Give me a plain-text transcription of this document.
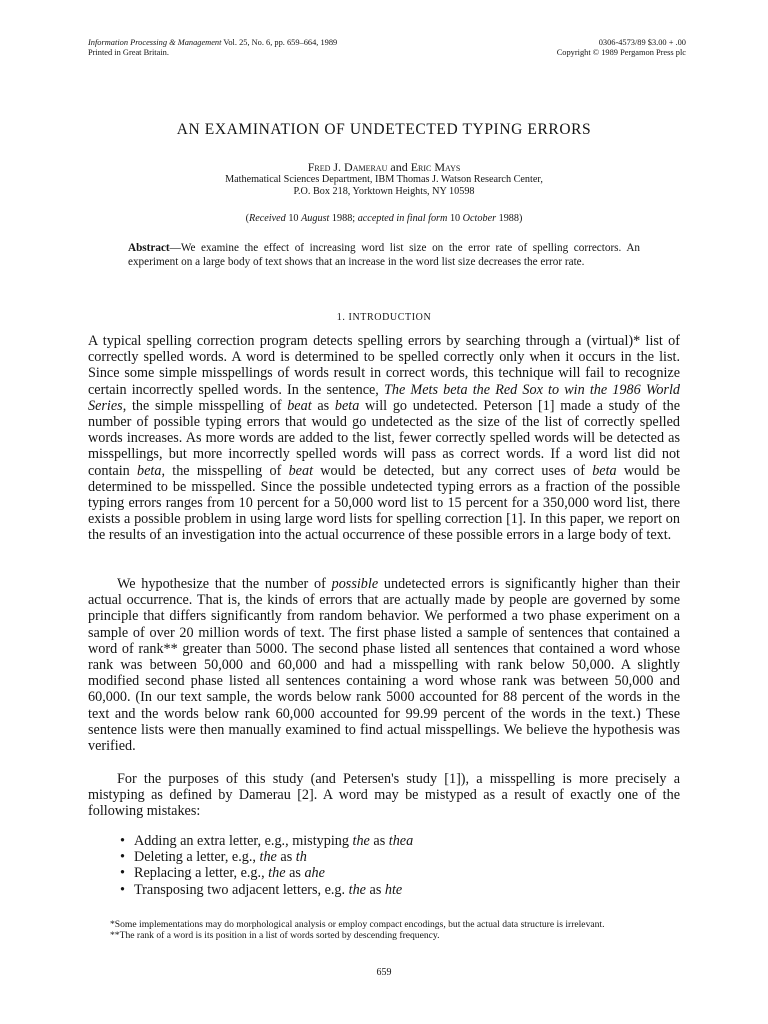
Information Processing & Management Vol. 25, No. 6, pp. 659–664, 1989
Printed in Great Britain.
0306-4573/89 $3.00 + .00
Copyright © 1989 Pergamon Press plc
AN EXAMINATION OF UNDETECTED TYPING ERRORS
Fred J. Damerau and Eric Mays
Mathematical Sciences Department, IBM Thomas J. Watson Research Center,
P.O. Box 218, Yorktown Heights, NY 10598
(Received 10 August 1988; accepted in final form 10 October 1988)
Abstract—We examine the effect of increasing word list size on the error rate of spelling correctors. An experiment on a large body of text shows that an increase in the word list size decreases the error rate.
1. INTRODUCTION

A typical spelling correction program detects spelling errors by searching through a (virtual)* list of correctly spelled words. A word is determined to be spelled correctly only when it occurs in the list. Since some simple misspellings of words result in correct words, this technique will fail to recognize certain incorrectly spelled words. In the sentence, The Mets beta the Red Sox to win the 1986 World Series, the simple misspelling of beat as beta will go undetected. Peterson [1] made a study of the number of possible typing errors that would go undetected as the size of the list of correctly spelled words increases. As more words are added to the list, fewer correctly spelled words will be detected as misspellings, but more incorrectly spelled words will pass as correct words. If a word list did not contain beta, the misspelling of beat would be detected, but any correct uses of beta would be determined to be misspelled. Since the possible undetected typing errors as a fraction of the possible typing errors ranges from 10 percent for a 50,000 word list to 15 percent for a 350,000 word list, there exists a possible problem in using large word lists for spelling correction [1]. In this paper, we report on the results of an investigation into the actual occurrence of these possible errors in a large body of text.

We hypothesize that the number of possible undetected errors is significantly higher than their actual occurrence. That is, the kinds of errors that are actually made by people are governed by some principle that differs significantly from random behavior. We performed a two phase experiment on a sample of over 20 million words of text. The first phase listed a sample of sentences that contained a word of rank** greater than 5000. The second phase listed all sentences that contained a word whose rank was between 50,000 and 60,000 and had a misspelling with rank below 50,000. A slightly modified second phase listed all sentences containing a word whose rank was between 50,000 and 60,000. (In our text sample, the words below rank 5000 accounted for 88 percent of the words in the text and the words below rank 60,000 accounted for 99.99 percent of the words in the text.) These sentence lists were then manually examined to find actual misspellings. We believe the hypothesis was verified.

For the purposes of this study (and Petersen's study [1]), a misspelling is more precisely a mistyping as defined by Damerau [2]. A word may be mistyped as a result of exactly one of the following mistakes:

• Adding an extra letter, e.g., mistyping the as thea
• Deleting a letter, e.g., the as th
• Replacing a letter, e.g., the as ahe
• Transposing two adjacent letters, e.g. the as hte

*Some implementations may do morphological analysis or employ compact encodings, but the actual data structure is irrelevant.

**The rank of a word is its position in a list of words sorted by descending frequency.

659
